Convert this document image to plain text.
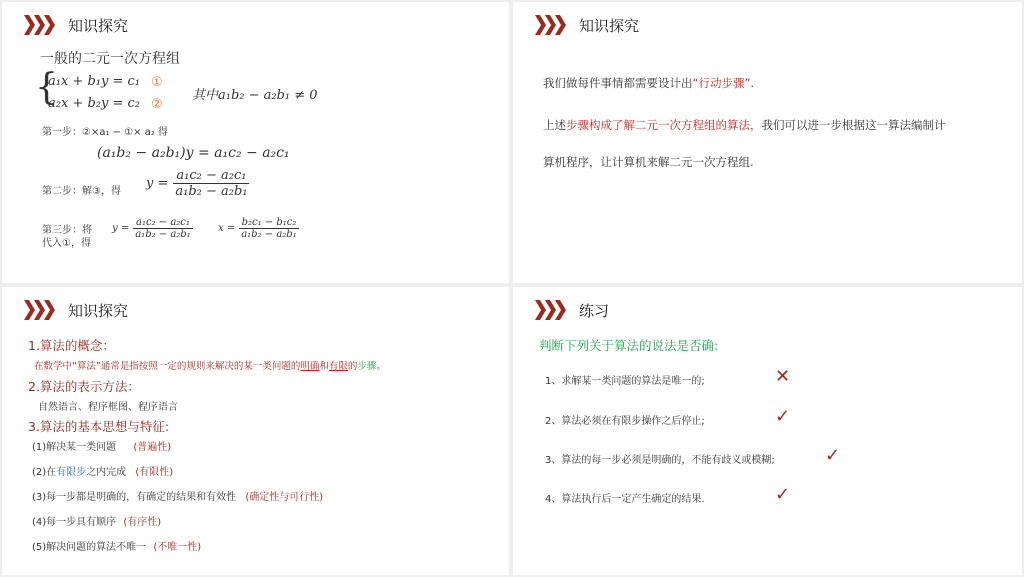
知识探究
一般的二元一次方程组
{
a₁x + b₁y = c₁ ①
a₂x + b₂y = c₂ ②
其中a₁b₂ − a₂b₁ ≠ 0
第一步：②×a₁ − ①× a₂ 得
(a₁b₂ − a₂b₁)y = a₁c₂ − a₂c₁
第二步：解③，得
$y = \frac{\text{a₁c₂ − a₂c₁}}{\text{a₁b₂ − a₂b₁}}$
第三步：将
代入①，得
$y = \frac{\text{a₁c₂ − a₂c₁}}{\text{a₁b₂ − a₂b₁}}$ $x = \frac{\text{b₂c₁ − b₁c₂}}{\text{a₁b₂ − a₂b₁}}$
知识探究
我们做每件事情都需要设计出“行动步骤”.
上述步骤构成了解二元一次方程组的算法，我们可以进一步根据这一算法编制计
算机程序，让计算机来解二元一次方程组.
知识探究
1.算法的概念：
在数学中“算法”通常是指按照一定的规则来解决的某一类问题的明确和有限的步骤。
2.算法的表示方法：
自然语言、程序框图、程序语言
3.算法的基本思想与特征:
(1)解决某一类问题 (普遍性)
(2)在有限步之内完成 (有限性)
(3)每一步都是明确的，有确定的结果和有效性 (确定性与可行性)
(4)每一步具有顺序 (有序性)
(5)解决问题的算法不唯一 (不唯一性)
练习
判断下列关于算法的说法是否确:
1、求解某一类问题的算法是唯一的;	✕
2、算法必须在有限步操作之后停止;	✓
3、算法的每一步必须是明确的，不能有歧义或模糊;	✓
4、算法执行后一定产生确定的结果.	✓
